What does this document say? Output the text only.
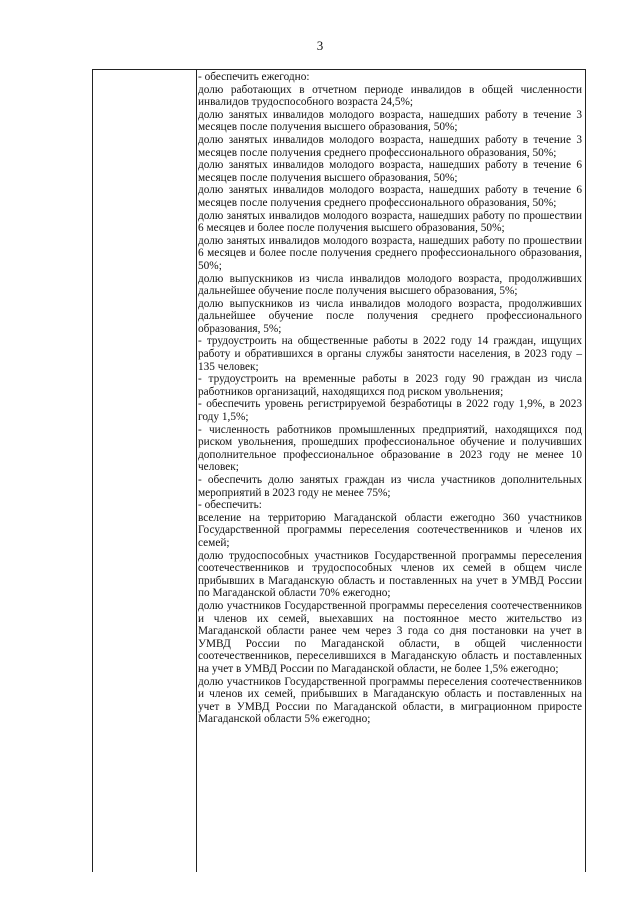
3

- обеспечить ежегодно:

долю работающих в отчетном периоде инвалидов в общей численности инвалидов трудоспособного возраста 24,5%;

долю занятых инвалидов молодого возраста, нашедших работу в течение 3 месяцев после получения высшего образования, 50%;

долю занятых инвалидов молодого возраста, нашедших работу в течение 3 месяцев после получения среднего профессионального образования, 50%;

долю занятых инвалидов молодого возраста, нашедших работу в течение 6 месяцев после получения высшего образования, 50%;

долю занятых инвалидов молодого возраста, нашедших работу в течение 6 месяцев после получения среднего профессионального образования, 50%;

долю занятых инвалидов молодого возраста, нашедших работу по прошествии 6 месяцев и более после получения высшего образования, 50%;

долю занятых инвалидов молодого возраста, нашедших работу по прошествии 6 месяцев и более после получения среднего профессионального образования, 50%;

долю выпускников из числа инвалидов молодого возраста, продолживших дальнейшее обучение после получения высшего образования, 5%;

долю выпускников из числа инвалидов молодого возраста, продолживших дальнейшее обучение после получения среднего профессионального образования, 5%;

- трудоустроить на общественные работы в 2022 году 14 граждан, ищущих работу и обратившихся в органы службы занятости населения, в 2023 году – 135 человек;

- трудоустроить на временные работы в 2023 году 90 граждан из числа работников организаций, находящихся под риском увольнения;

- обеспечить уровень регистрируемой безработицы в 2022 году 1,9%, в 2023 году 1,5%;

- численность работников промышленных предприятий, находящихся под риском увольнения, прошедших профессиональное обучение и получивших дополнительное профессиональное образование в 2023 году не менее 10 человек;

- обеспечить долю занятых граждан из числа участников дополнительных мероприятий в 2023 году не менее 75%;

- обеспечить:

вселение на территорию Магаданской области ежегодно 360 участников Государственной программы переселения соотечественников и членов их семей;

долю трудоспособных участников Государственной программы переселения соотечественников и трудоспособных членов их семей в общем числе прибывших в Магаданскую область и поставленных на учет в УМВД России по Магаданской области 70% ежегодно;

долю участников Государственной программы переселения соотечественников и членов их семей, выехавших на постоянное место жительство из Магаданской области ранее чем через 3 года со дня постановки на учет в УМВД России по Магаданской области, в общей численности соотечественников, переселившихся в Магаданскую область и поставленных на учет в УМВД России по Магаданской области, не более 1,5% ежегодно;

долю участников Государственной программы переселения соотечественников и членов их семей, прибывших в Магаданскую область и поставленных на учет в УМВД России по Магаданской области, в миграционном приросте Магаданской области 5% ежегодно;
